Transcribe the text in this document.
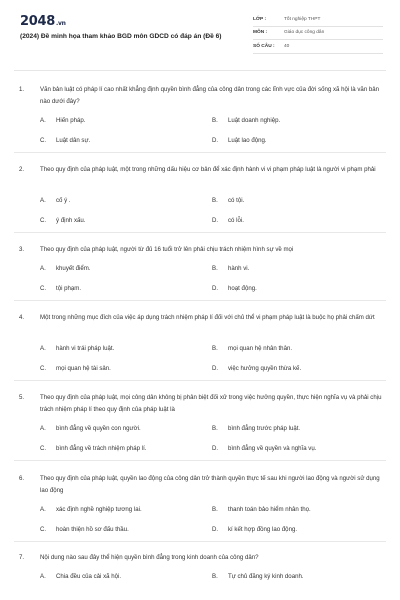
2048.vn
(2024) Đề minh họa tham khảo BGD môn GDCD có đáp án (Đề 6)
LỚP :	Tốt nghiệp THPT
MÔN :	Giáo dục công dân
SỐ CÂU :	40
1.	Văn bản luật có pháp lí cao nhất khẳng định quyền bình đẳng của công dân trong các lĩnh vực của đời sống xã hội là văn bản nào dưới đây?
A. Hiến pháp.	B. Luật doanh nghiệp.
C. Luật dân sự.	D. Luật lao động.
2.	Theo quy định của pháp luật, một trong những dấu hiệu cơ bản để xác định hành vi vi phạm pháp luật là người vi phạm phải
A. cố ý .	B. có tội.
C. ý định xấu.	D. có lỗi.
3.	Theo quy định của pháp luật, người từ đủ 16 tuổi trở lên phải chịu trách nhiệm hình sự về mọi
A. khuyết điểm.	B. hành vi.
C. tội phạm.	D. hoạt động.
4.	Một trong những mục đích của việc áp dụng trách nhiệm pháp lí đối với chủ thể vi phạm pháp luật là buộc họ phải chấm dứt
A. hành vi trái pháp luật.	B. mọi quan hệ nhân thân.
C. mọi quan hệ tài sản.	D. việc hưởng quyền thừa kế.
5.	Theo quy định của pháp luật, mọi công dân không bị phân biệt đối xử trong việc hưởng quyền, thực hiện nghĩa vụ và phải chịu trách nhiệm pháp lí theo quy định của pháp luật là
A. bình đẳng về quyền con người.	B. bình đẳng trước pháp luật.
C. bình đẳng về trách nhiệm pháp lí.	D. bình đẳng về quyền và nghĩa vụ.
6.	Theo quy định của pháp luật, quyền lao động của công dân trở thành quyền thực tế sau khi người lao động và người sử dụng lao động
A. xác định nghề nghiệp tương lai.	B. thanh toán bảo hiểm nhân thọ.
C. hoàn thiện hồ sơ đấu thầu.	D. kí kết hợp đồng lao động.
7.	Nội dung nào sau đây thể hiện quyền bình đẳng trong kinh doanh của công dân?
A. Chia đều của cải xã hội.	B. Tự chủ đăng ký kinh doanh.
